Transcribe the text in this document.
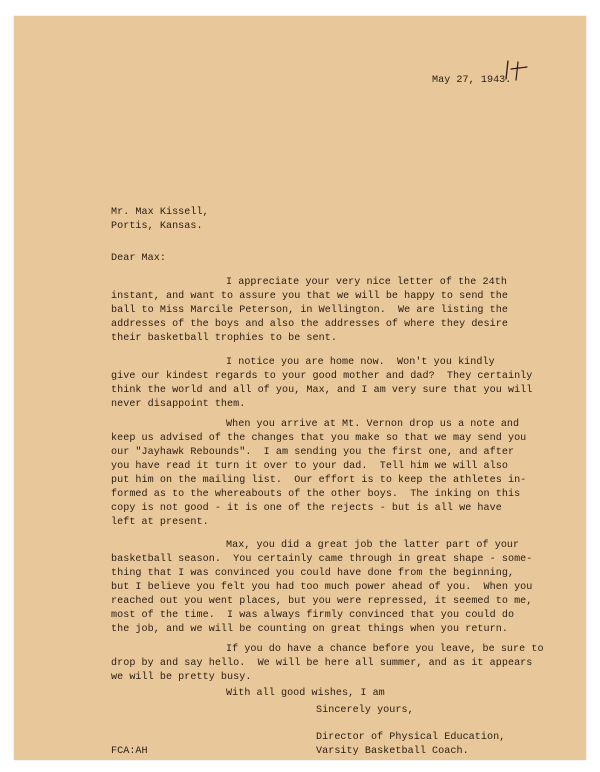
May 27, 1943.
Mr. Max Kissell,
Portis, Kansas.
Dear Max:
I appreciate your very nice letter of the 24th
instant, and want to assure you that we will be happy to send the
ball to Miss Marcile Peterson, in Wellington.  We are listing the
addresses of the boys and also the addresses of where they desire
their basketball trophies to be sent.
I notice you are home now.  Won't you kindly
give our kindest regards to your good mother and dad?  They certainly
think the world and all of you, Max, and I am very sure that you will
never disappoint them.
When you arrive at Mt. Vernon drop us a note and
keep us advised of the changes that you make so that we may send you
our "Jayhawk Rebounds".  I am sending you the first one, and after
you have read it turn it over to your dad.  Tell him we will also
put him on the mailing list.  Our effort is to keep the athletes in-
formed as to the whereabouts of the other boys.  The inking on this
copy is not good - it is one of the rejects - but is all we have
left at present.
Max, you did a great job the latter part of your
basketball season.  You certainly came through in great shape - some-
thing that I was convinced you could have done from the beginning,
but I believe you felt you had too much power ahead of you.  When you
reached out you went places, but you were repressed, it seemed to me,
most of the time.  I was always firmly convinced that you could do
the job, and we will be counting on great things when you return.
If you do have a chance before you leave, be sure to
drop by and say hello.  We will be here all summer, and as it appears
we will be pretty busy.
With all good wishes, I am
Sincerely yours,
Director of Physical Education,
Varsity Basketball Coach.
FCA:AH
